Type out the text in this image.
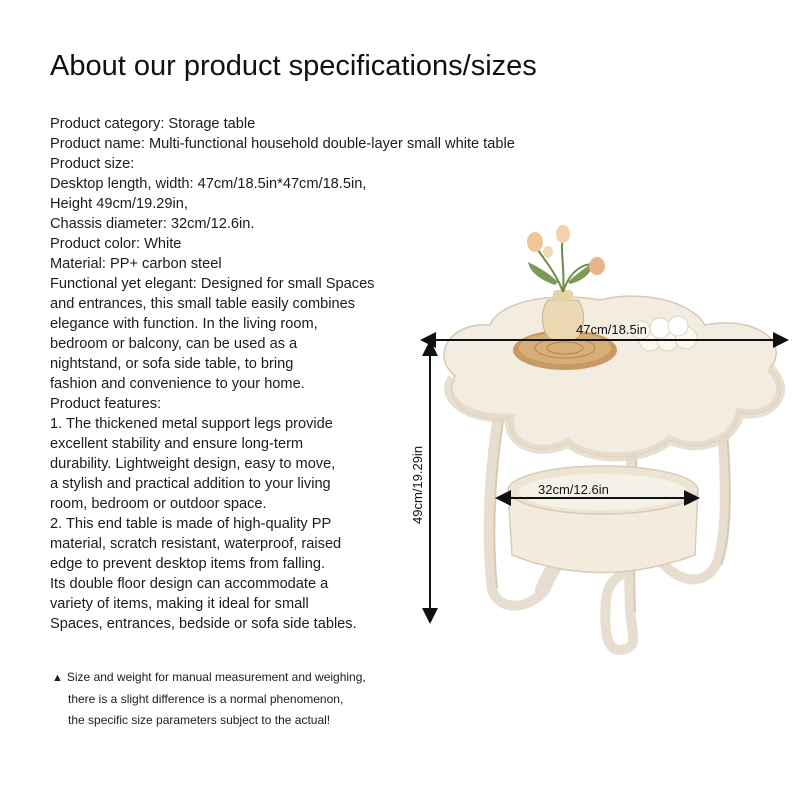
About our product specifications/sizes
Product category: Storage table
Product name: Multi-functional household double-layer small white table
Product size:
Desktop length, width: 47cm/18.5in*47cm/18.5in,
Height 49cm/19.29in,
Chassis diameter: 32cm/12.6in.
Product color: White
Material: PP+ carbon steel
Functional yet elegant: Designed for small Spaces
and entrances, this small table easily combines
elegance with function. In the living room,
bedroom or balcony, can be used as a
nightstand, or sofa side table, to bring
fashion and convenience to your home.
Product features:
1. The thickened metal support legs provide
excellent stability and ensure long-term
durability. Lightweight design, easy to move,
a stylish and practical addition to your living
room, bedroom or outdoor space.
2. This end table is made of high-quality PP
material, scratch resistant, waterproof, raised
edge to prevent desktop items from falling.
Its double floor design can accommodate a
variety of items, making it ideal for small
Spaces, entrances, bedside or sofa side tables.
47cm/18.5in
49cm/19.29in	32cm/12.6in
▲ Size and weight for manual measurement and weighing,
there is a slight difference is a normal phenomenon,
the specific size parameters subject to the actual!
